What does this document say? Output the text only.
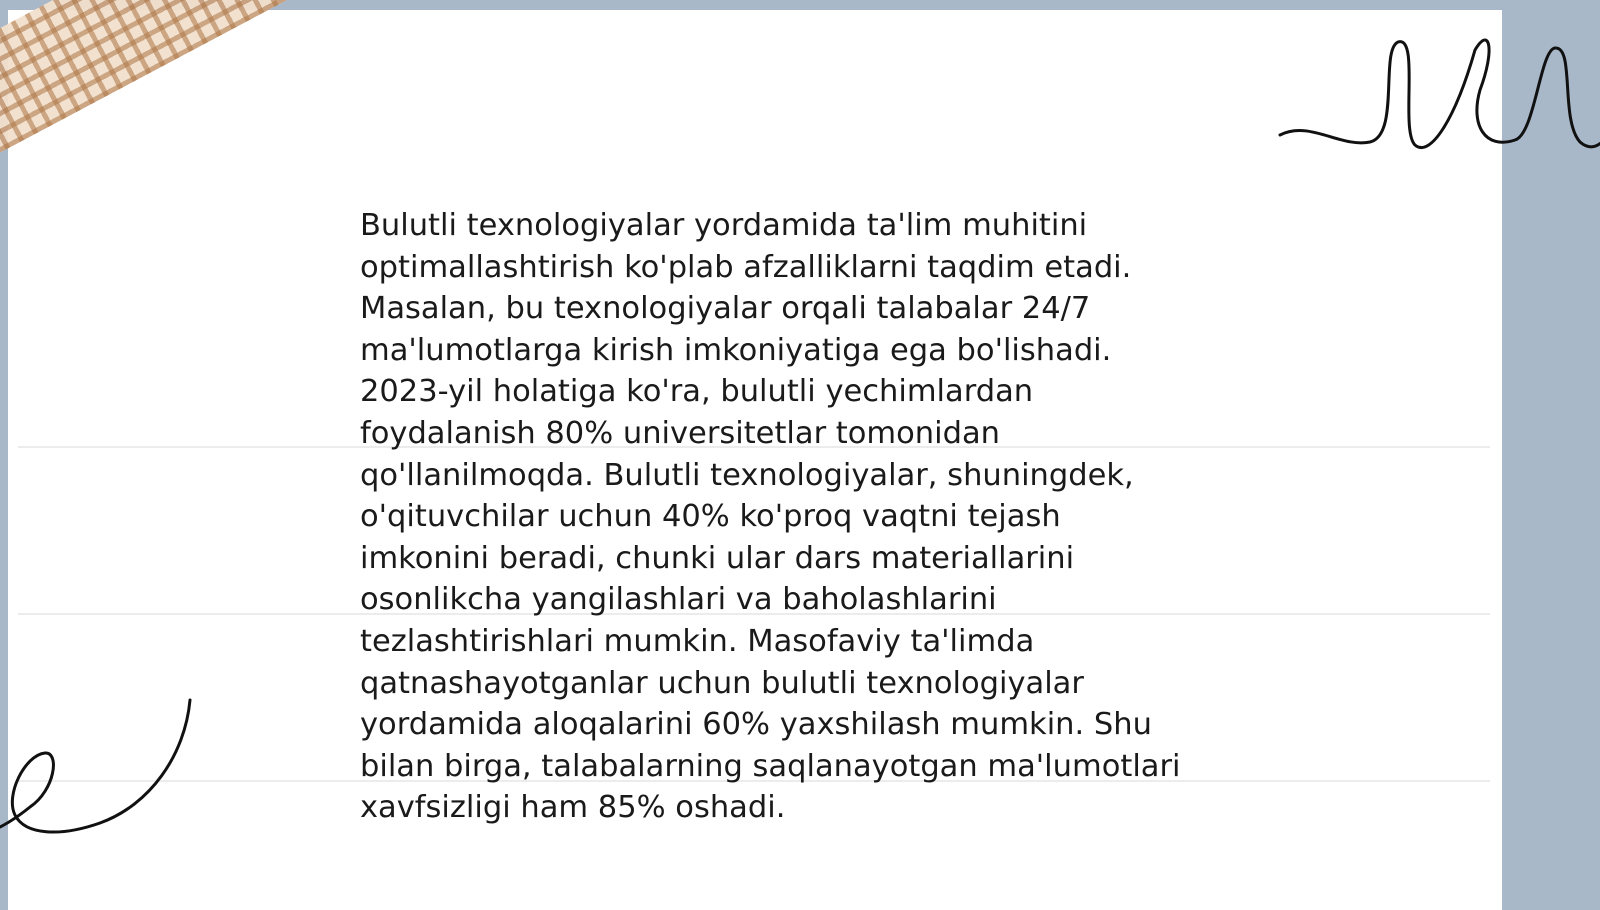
Bulutli texnologiyalar yordamida ta'lim muhitini
optimallashtirish ko'plab afzalliklarni taqdim etadi.
Masalan, bu texnologiyalar orqali talabalar 24/7
ma'lumotlarga kirish imkoniyatiga ega bo'lishadi.
2023-yil holatiga ko'ra, bulutli yechimlardan
foydalanish 80% universitetlar tomonidan
qo'llanilmoqda. Bulutli texnologiyalar, shuningdek,
o'qituvchilar uchun 40% ko'proq vaqtni tejash
imkonini beradi, chunki ular dars materiallarini
osonlikcha yangilashlari va baholashlarini
tezlashtirishlari mumkin. Masofaviy ta'limda
qatnashayotganlar uchun bulutli texnologiyalar
yordamida aloqalarini 60% yaxshilash mumkin. Shu
bilan birga, talabalarning saqlanayotgan ma'lumotlari
xavfsizligi ham 85% oshadi.
